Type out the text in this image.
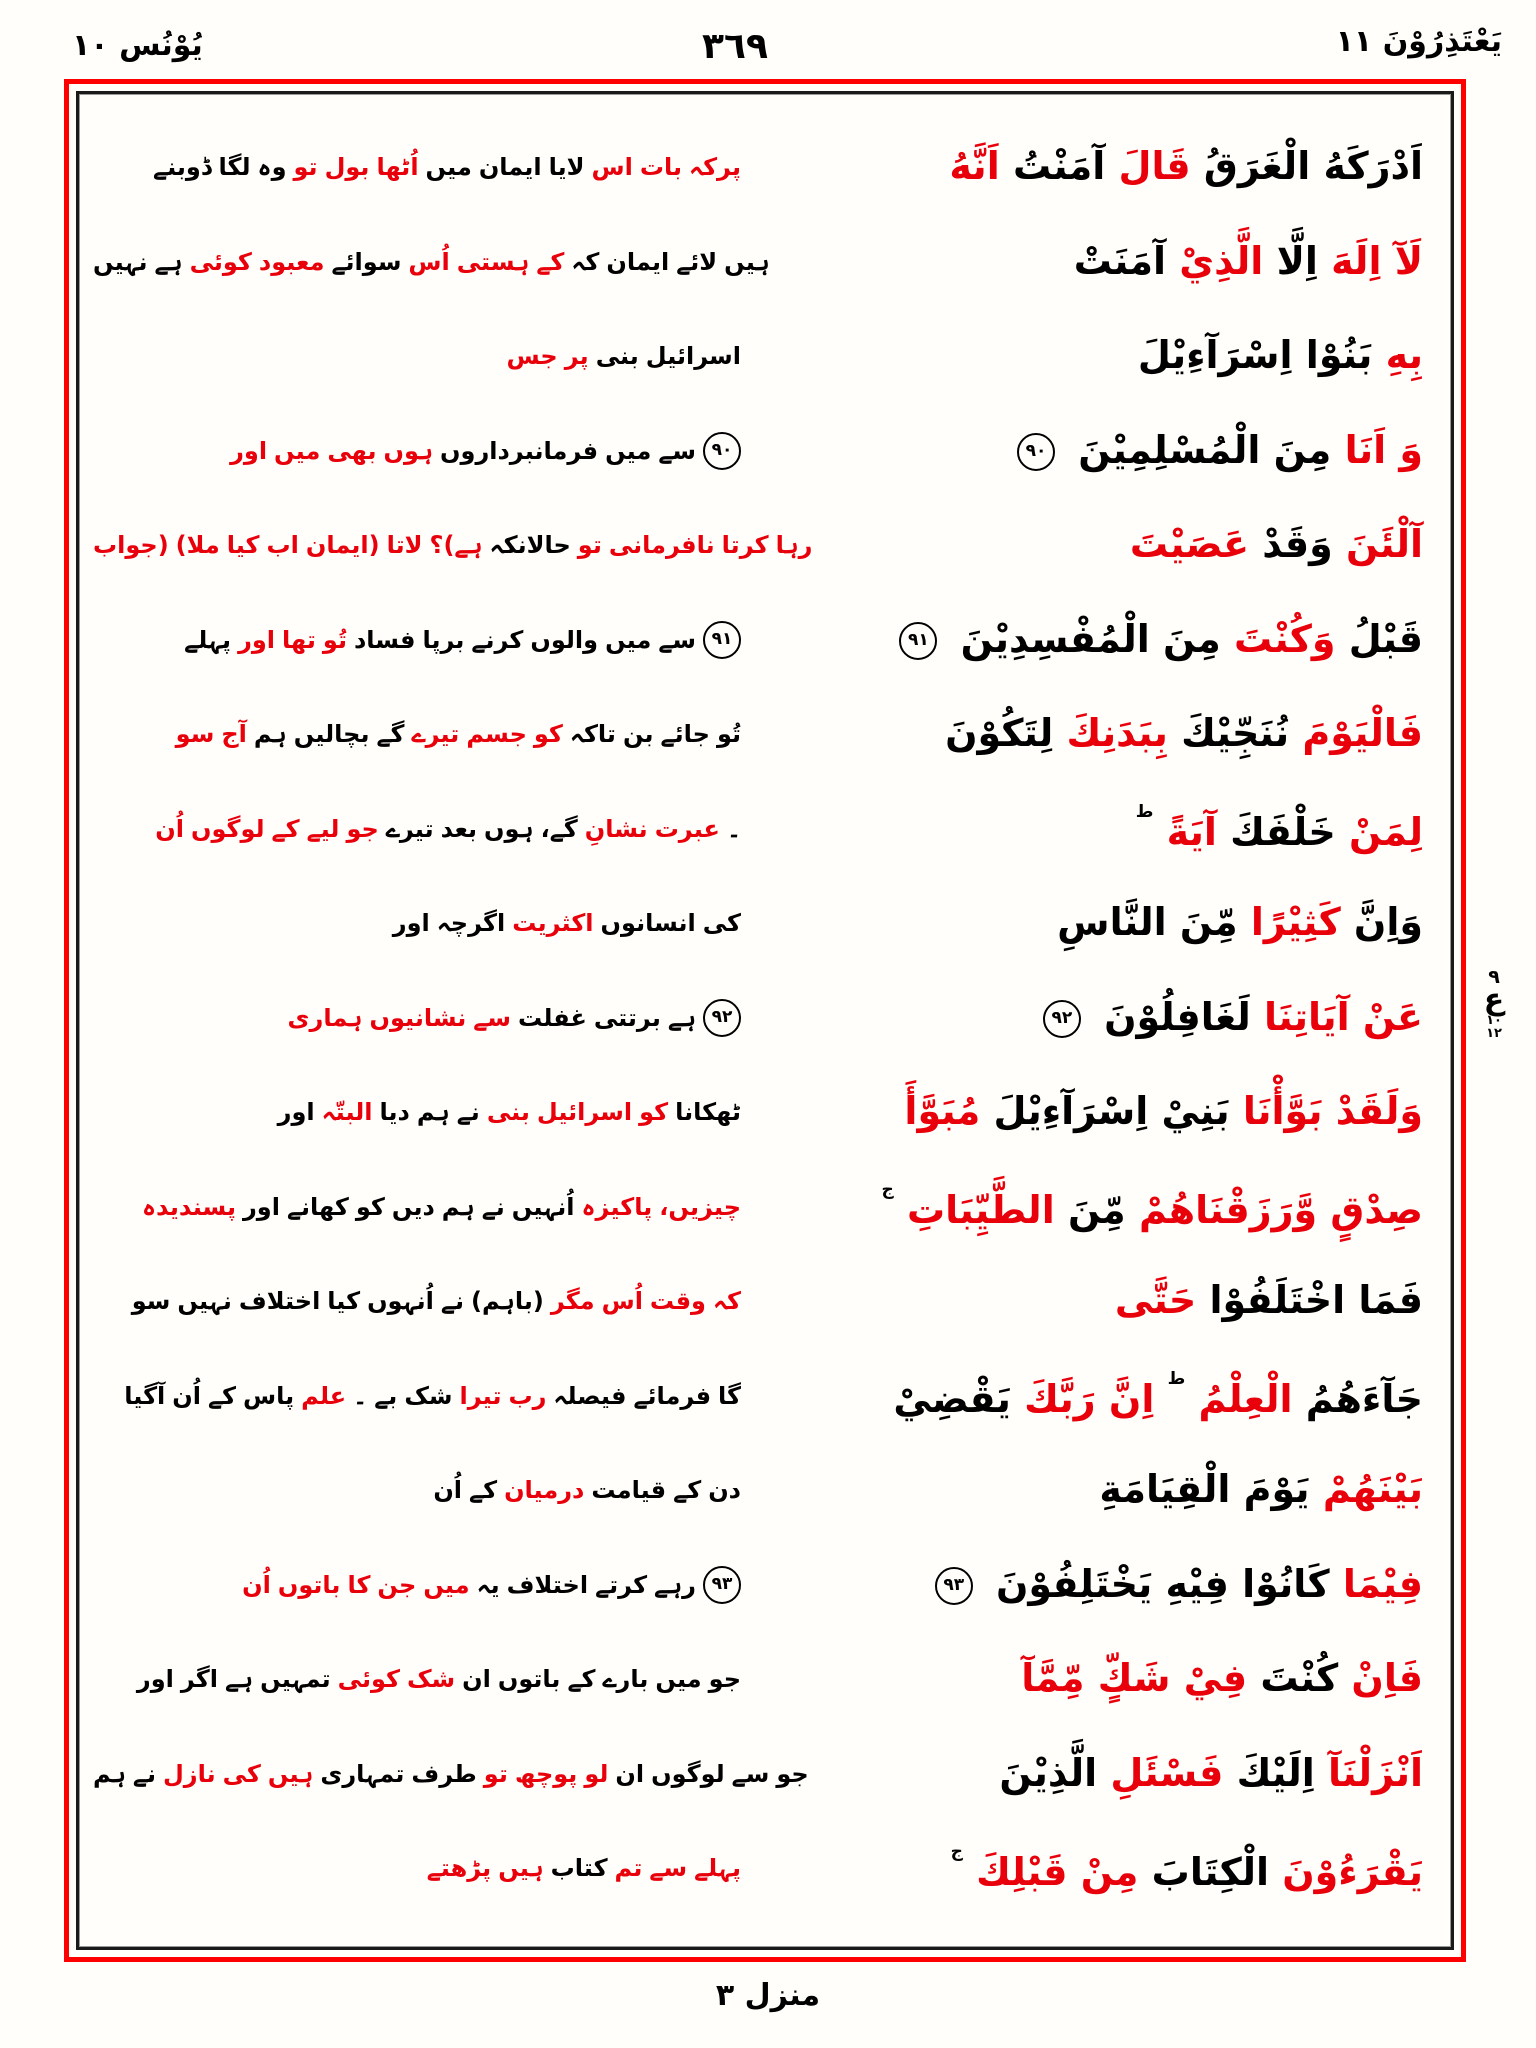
يُوْنُس ١٠	٣٦٩	يَعْتَذِرُوْنَ ١١
ڈوبنے لگا وہ تو بول اُٹھا میں ایمان لایا اس بات پرکہ	اَدْرَكَهُ الْغَرَقُ قَالَ آمَنْتُ اَنَّهُ
نہیں ہے کوئی معبود سوائے اُس ہستی کے کہ ایمان لائے ہیں	لَآ اِلَهَ اِلَّا الَّذِيْ آمَنَتْ
جس پر بنی اسرائیل	بِهِ بَنُوْا اِسْرَآءِيْلَ
اور میں بھی ہوں فرمانبرداروں میں سے ٩٠	وَ اَنَا مِنَ الْمُسْلِمِيْنَ ٩٠
(جواب ملا) کیا اب (ایمان لاتا ہے)؟ حالانکہ تو نافرمانی کرتا رہا	آلْئَنَ وَقَدْ عَصَيْتَ
پہلے اور تھا تُو فساد برپا کرنے والوں میں سے ٩١	قَبْلُ وَكُنْتَ مِنَ الْمُفْسِدِيْنَ ٩١
سو آج ہم بچالیں گے تیرے جسم کو تاکہ بن جائے تُو	فَالْيَوْمَ نُنَجِّيْكَ بِبَدَنِكَ لِتَكُوْنَ
اُن لوگوں کے لیے جو تیرے بعد ہوں گے، نشانِ عبرت ۔	لِمَنْ خَلْفَكَ آيَةً $^ط$
اور اگرچہ اکثریت انسانوں کی	وَاِنَّ كَثِيْرًا مِّنَ النَّاسِ
ہماری نشانیوں سے غفلت برتتی ہے ٩٢	عَنْ آيَاتِنَا لَغَافِلُوْنَ ٩٢
اور البتّہ دیا ہم نے بنی اسرائیل کو ٹھکانا	وَلَقَدْ بَوَّأْنَا بَنِيْ اِسْرَآءِيْلَ مُبَوَّأَ
پسندیدہ اور کھانے کو دیں ہم نے اُنہیں پاکیزہ چیزیں،	صِدْقٍ وَّرَزَقْنَاهُمْ مِّنَ الطَّيِّبَاتِ $^ج$
سو نہیں اختلاف کیا اُنہوں نے (باہم) مگر اُس وقت کہ	فَمَا اخْتَلَفُوْا حَتَّى
آگیا اُن کے پاس علم ۔ بے شک تیرا رب فیصلہ فرمائے گا	جَآءَهُمُ الْعِلْمُ $^ط$ اِنَّ رَبَّكَ يَقْضِيْ
اُن کے درمیان قیامت کے دن	بَيْنَهُمْ يَوْمَ الْقِيَامَةِ
اُن باتوں کا جن میں یہ اختلاف کرتے رہے ٩٣	فِيْمَا كَانُوْا فِيْهِ يَخْتَلِفُوْنَ ٩٣
اور اگر ہے تمہیں کوئی شک ان باتوں کے بارے میں جو	فَاِنْ كُنْتَ فِيْ شَكٍّ مِّمَّآ
ہم نے نازل کی ہیں تمہاری طرف تو پوچھ لو ان لوگوں سے جو	اَنْزَلْنَآ اِلَيْكَ فَسْئَلِ الَّذِيْنَ
پڑھتے ہیں کتاب تم سے پہلے	يَقْرَءُوْنَ الْكِتَابَ مِنْ قَبْلِكَ $^ج$
٩
ع
١٠
١٢
منزل ٣
